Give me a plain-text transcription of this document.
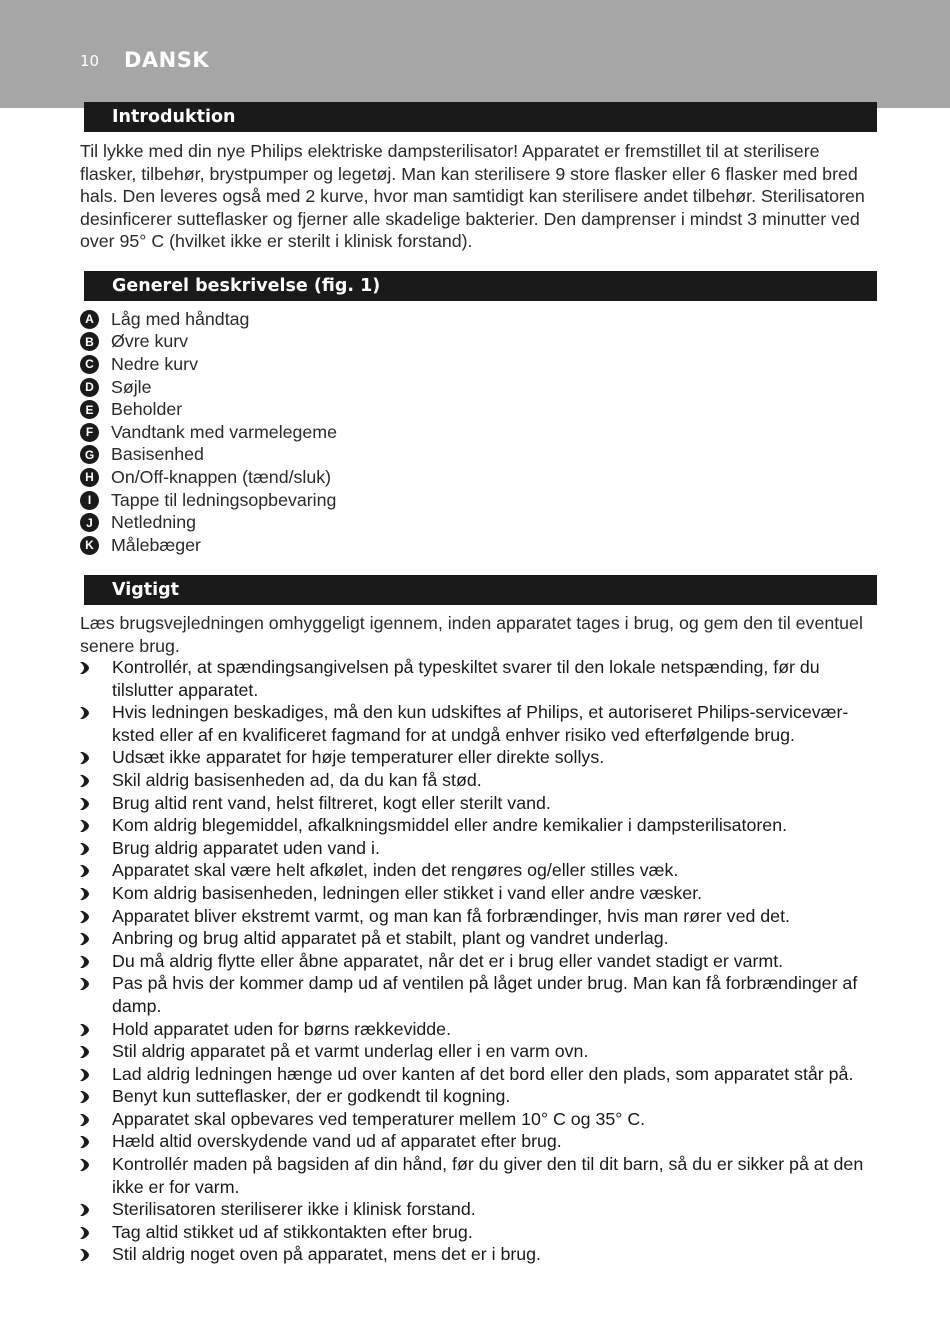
10 DANSK
Introduktion

Til lykke med din nye Philips elektriske dampsterilisator! Apparatet er fremstillet til at sterilisere flasker, tilbehør, brystpumper og legetøj. Man kan sterilisere 9 store flasker eller 6 flasker med bred hals. Den leveres også med 2 kurve, hvor man samtidigt kan sterilisere andet tilbehør. Sterilisatoren desinficerer sutteflasker og fjerner alle skadelige bakterier. Den damprenser i mindst 3 minutter ved over 95° C (hvilket ikke er sterilt i klinisk forstand).

Generel beskrivelse (fig. 1)
A Låg med håndtag
B Øvre kurv
C Nedre kurv
D Søjle
E Beholder
F	Vandtank med varmelegeme
G Basisenhed
H On/Off-knappen (tænd/sluk)
I	Tappe til ledningsopbevaring
J	Netledning
K Målebæger
Vigtigt

Læs brugsvejledningen omhyggeligt igennem, inden apparatet tages i brug, og gem den til eventuel senere brug.

Kontrollér, at spændingsangivelsen på typeskiltet svarer til den lokale netspænding, før du tilslutter apparatet.
Hvis ledningen beskadiges, må den kun udskiftes af Philips, et autoriseret Philips-serviceværksted eller af en kvalificeret fagmand for at undgå enhver risiko ved efterfølgende brug.
Udsæt ikke apparatet for høje temperaturer eller direkte sollys.
Skil aldrig basisenheden ad, da du kan få stød.
Brug altid rent vand, helst filtreret, kogt eller sterilt vand.
Kom aldrig blegemiddel, afkalkningsmiddel eller andre kemikalier i dampsterilisatoren.
Brug aldrig apparatet uden vand i.
Apparatet skal være helt afkølet, inden det rengøres og/eller stilles væk.
Kom aldrig basisenheden, ledningen eller stikket i vand eller andre væsker.
Apparatet bliver ekstremt varmt, og man kan få forbrændinger, hvis man rører ved det.
Anbring og brug altid apparatet på et stabilt, plant og vandret underlag.
Du må aldrig flytte eller åbne apparatet, når det er i brug eller vandet stadigt er varmt.
Pas på hvis der kommer damp ud af ventilen på låget under brug. Man kan få forbrændinger af damp.
Hold apparatet uden for børns rækkevidde.
Stil aldrig apparatet på et varmt underlag eller i en varm ovn.
Lad aldrig ledningen hænge ud over kanten af det bord eller den plads, som apparatet står på.
Benyt kun sutteflasker, der er godkendt til kogning.
Apparatet skal opbevares ved temperaturer mellem 10° C og 35° C.
Hæld altid overskydende vand ud af apparatet efter brug.
Kontrollér maden på bagsiden af din hånd, før du giver den til dit barn, så du er sikker på at den ikke er for varm.
Sterilisatoren steriliserer ikke i klinisk forstand.
Tag altid stikket ud af stikkontakten efter brug.
Stil aldrig noget oven på apparatet, mens det er i brug.
